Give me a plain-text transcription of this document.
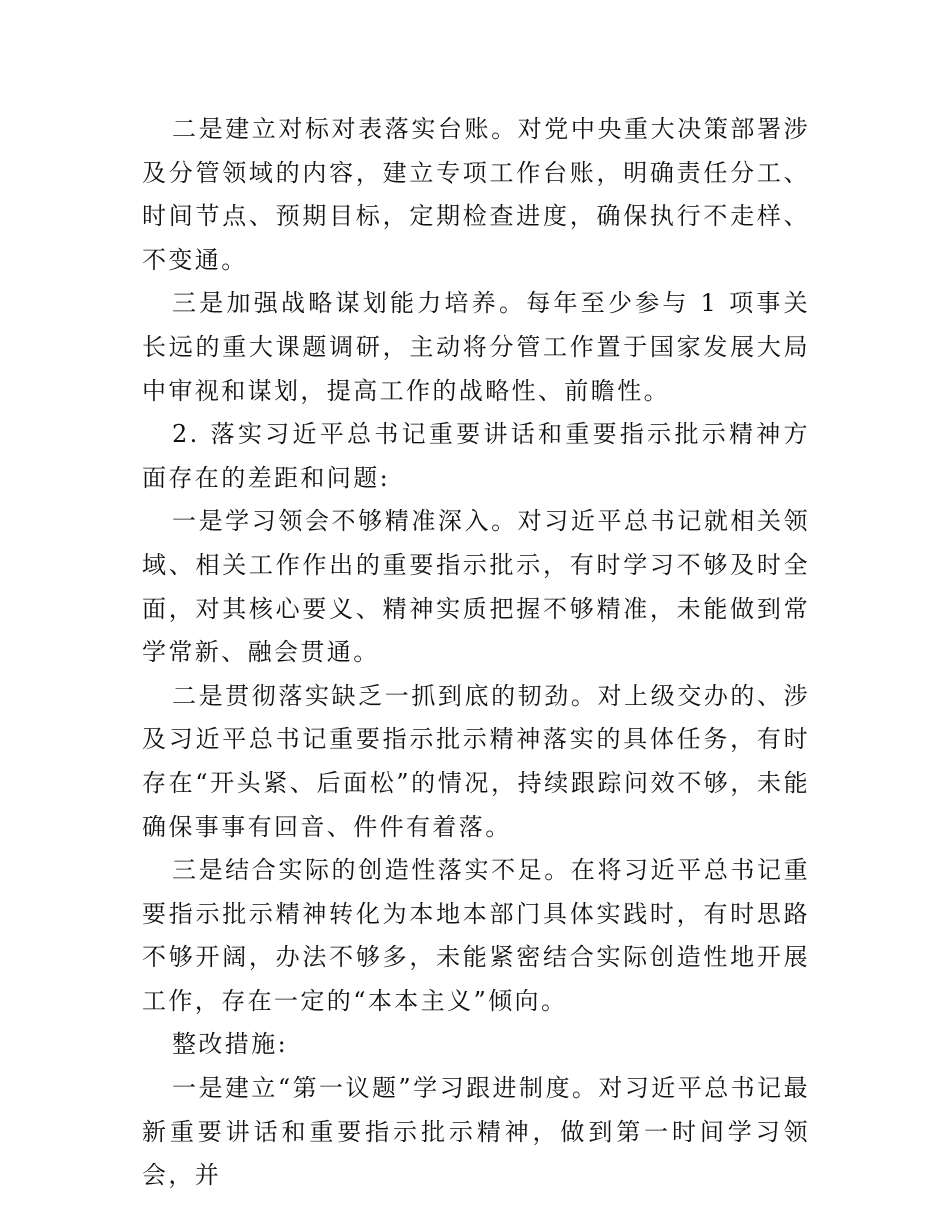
二是建立对标对表落实台账。对党中央重大决策部署涉及分管领域的内容，建立专项工作台账，明确责任分工、时间节点、预期目标，定期检查进度，确保执行不走样、不变通。

三是加强战略谋划能力培养。每年至少参与 1 项事关长远的重大课题调研，主动将分管工作置于国家发展大局中审视和谋划，提高工作的战略性、前瞻性。

2. 落实习近平总书记重要讲话和重要指示批示精神方面存在的差距和问题:

一是学习领会不够精准深入。对习近平总书记就相关领域、相关工作作出的重要指示批示，有时学习不够及时全面，对其核心要义、精神实质把握不够精准，未能做到常学常新、融会贯通。

二是贯彻落实缺乏一抓到底的韧劲。对上级交办的、涉及习近平总书记重要指示批示精神落实的具体任务，有时存在“开头紧、后面松”的情况，持续跟踪问效不够，未能确保事事有回音、件件有着落。

三是结合实际的创造性落实不足。在将习近平总书记重要指示批示精神转化为本地本部门具体实践时，有时思路不够开阔，办法不够多，未能紧密结合实际创造性地开展工作，存在一定的“本本主义”倾向。

整改措施:

一是建立“第一议题”学习跟进制度。对习近平总书记最新重要讲话和重要指示批示精神，做到第一时间学习领会，并
